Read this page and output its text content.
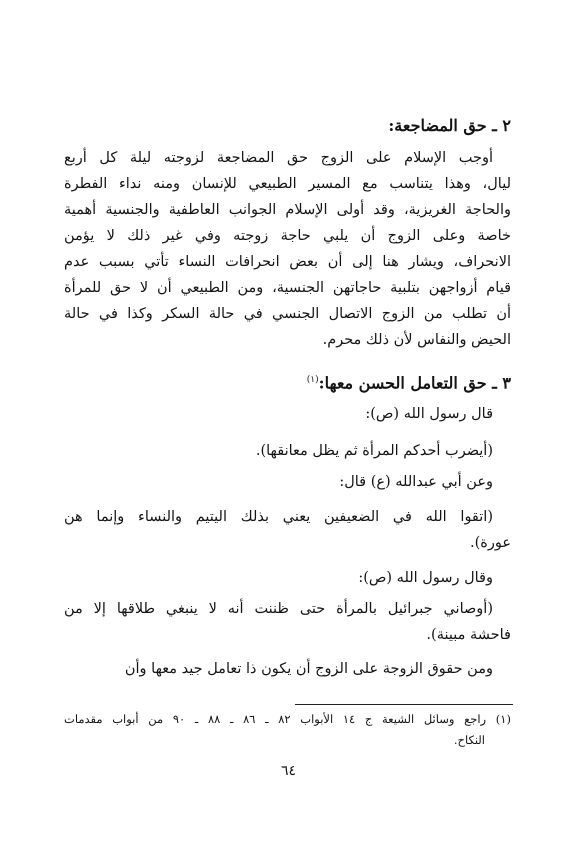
٢ ـ حق المضاجعة:
أوجب الإسلام على الزوج حق المضاجعة لزوجته ليلة كل أربع
ليال، وهذا يتناسب مع المسير الطبيعي للإنسان ومنه نداء الفطرة
والحاجة الغريزية، وقد أولى الإسلام الجوانب العاطفية والجنسية أهمية
خاصة وعلى الزوج أن يلبي حاجة زوجته وفي غير ذلك لا يؤمن
الانحراف، ويشار هنا إلى أن بعض انحرافات النساء تأتي بسبب عدم
قيام أزواجهن بتلبية حاجاتهن الجنسية، ومن الطبيعي أن لا حق للمرأة
أن تطلب من الزوج الاتصال الجنسي في حالة السكر وكذا في حالة
الحيض والنفاس لأن ذلك محرم.
٣ ـ حق التعامل الحسن معها:$^{(١)}$
قال رسول الله (ص):
(أيضرب أحدكم المرأة ثم يظل معانقها).
وعن أبي عبدالله (ع) قال:
(اتقوا الله في الضعيفين يعني بذلك اليتيم والنساء وإنما هن
عورة).
وقال رسول الله (ص):
(أوصاني جبرائيل بالمرأة حتى ظننت أنه لا ينبغي طلاقها إلا من
فاحشة مبينة).
ومن حقوق الزوجة على الزوج أن يكون ذا تعامل جيد معها وأن
(١) راجع وسائل الشيعة ج ١٤ الأبواب ٨٢ ـ ٨٦ ـ ٨٨ ـ ٩٠ من أبواب مقدمات
النكاح.
٦٤
